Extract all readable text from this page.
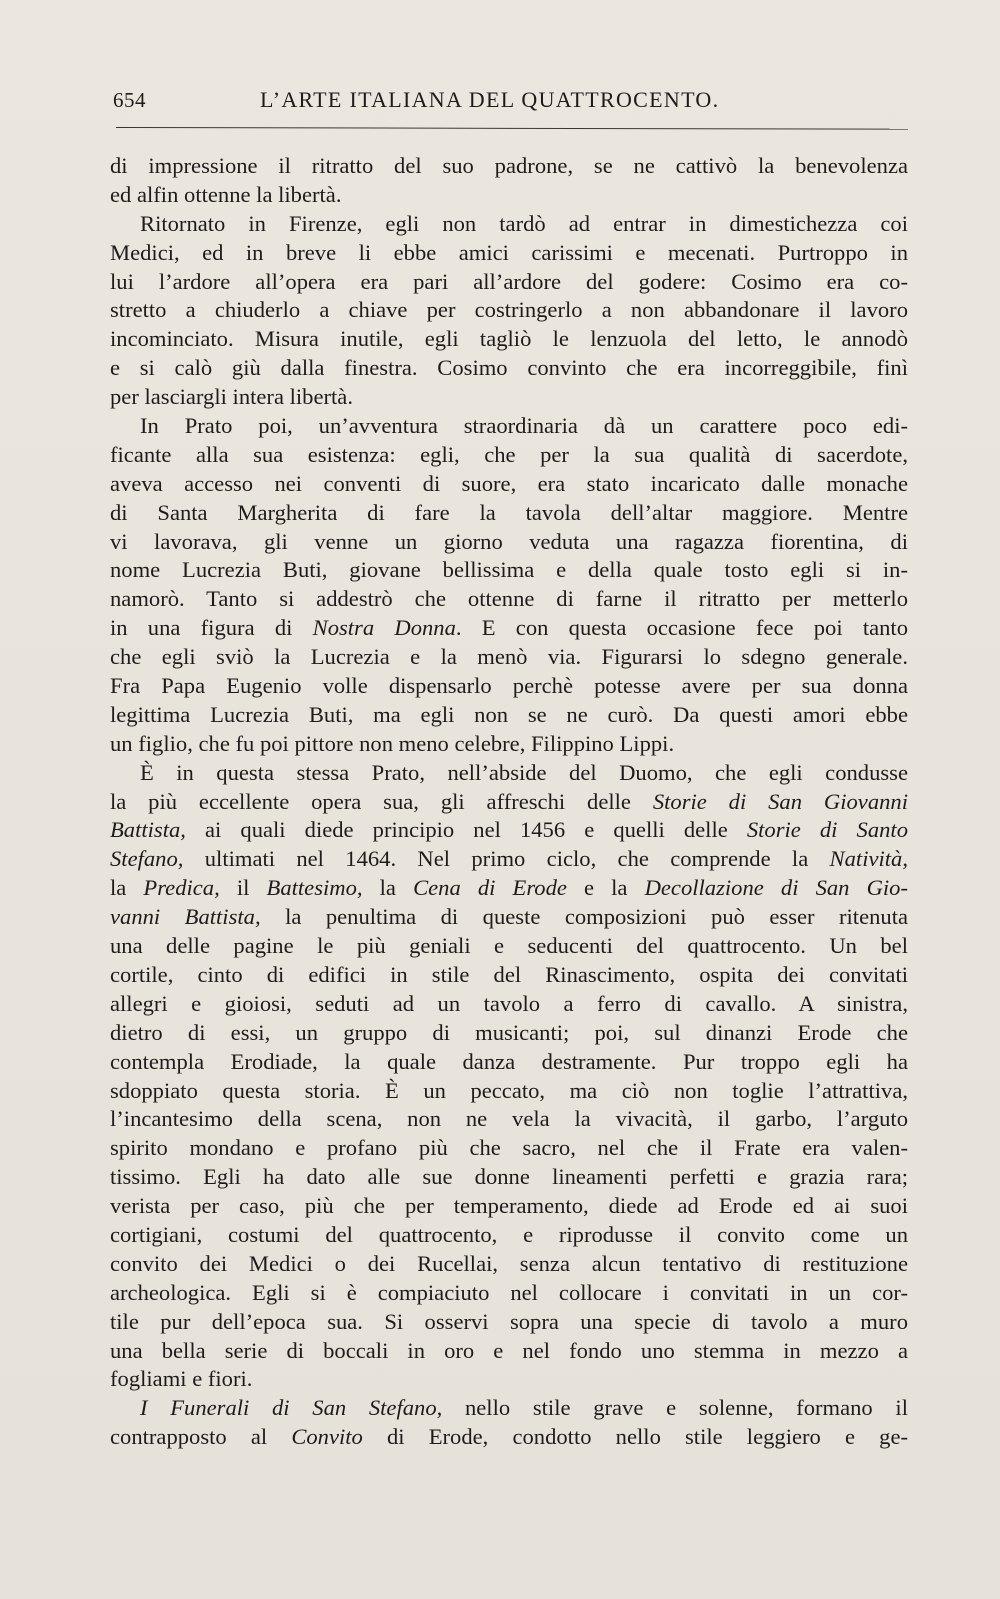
654	L’ARTE ITALIANA DEL QUATTROCENTO.
di impressione il ritratto del suo padrone, se ne cattivò la benevolenza
ed alfin ottenne la libertà.
Ritornato in Firenze, egli non tardò ad entrar in dimestichezza coi
Medici, ed in breve li ebbe amici carissimi e mecenati. Purtroppo in
lui l’ardore all’opera era pari all’ardore del godere: Cosimo era co-
stretto a chiuderlo a chiave per costringerlo a non abbandonare il lavoro
incominciato. Misura inutile, egli tagliò le lenzuola del letto, le annodò
e si calò giù dalla finestra. Cosimo convinto che era incorreggibile, finì
per lasciargli intera libertà.
In Prato poi, un’avventura straordinaria dà un carattere poco edi-
ficante alla sua esistenza: egli, che per la sua qualità di sacerdote,
aveva accesso nei conventi di suore, era stato incaricato dalle monache
di Santa Margherita di fare la tavola dell’altar maggiore. Mentre
vi lavorava, gli venne un giorno veduta una ragazza fiorentina, di
nome Lucrezia Buti, giovane bellissima e della quale tosto egli si in-
namorò. Tanto si addestrò che ottenne di farne il ritratto per metterlo
in una figura di Nostra Donna. E con questa occasione fece poi tanto
che egli sviò la Lucrezia e la menò via. Figurarsi lo sdegno generale.
Fra Papa Eugenio volle dispensarlo perchè potesse avere per sua donna
legittima Lucrezia Buti, ma egli non se ne curò. Da questi amori ebbe
un figlio, che fu poi pittore non meno celebre, Filippino Lippi.
È in questa stessa Prato, nell’abside del Duomo, che egli condusse
la più eccellente opera sua, gli affreschi delle Storie di San Giovanni
Battista, ai quali diede principio nel 1456 e quelli delle Storie di Santo
Stefano, ultimati nel 1464. Nel primo ciclo, che comprende la Natività,
la Predica, il Battesimo, la Cena di Erode e la Decollazione di San Gio-
vanni Battista, la penultima di queste composizioni può esser ritenuta
una delle pagine le più geniali e seducenti del quattrocento. Un bel
cortile, cinto di edifici in stile del Rinascimento, ospita dei convitati
allegri e gioiosi, seduti ad un tavolo a ferro di cavallo. A sinistra,
dietro di essi, un gruppo di musicanti; poi, sul dinanzi Erode che
contempla Erodiade, la quale danza destramente. Pur troppo egli ha
sdoppiato questa storia. È un peccato, ma ciò non toglie l’attrattiva,
l’incantesimo della scena, non ne vela la vivacità, il garbo, l’arguto
spirito mondano e profano più che sacro, nel che il Frate era valen-
tissimo. Egli ha dato alle sue donne lineamenti perfetti e grazia rara;
verista per caso, più che per temperamento, diede ad Erode ed ai suoi
cortigiani, costumi del quattrocento, e riprodusse il convito come un
convito dei Medici o dei Rucellai, senza alcun tentativo di restituzione
archeologica. Egli si è compiaciuto nel collocare i convitati in un cor-
tile pur dell’epoca sua. Si osservi sopra una specie di tavolo a muro
una bella serie di boccali in oro e nel fondo uno stemma in mezzo a
fogliami e fiori.
I Funerali di San Stefano, nello stile grave e solenne, formano il
contrapposto al Convito di Erode, condotto nello stile leggiero e ge-
